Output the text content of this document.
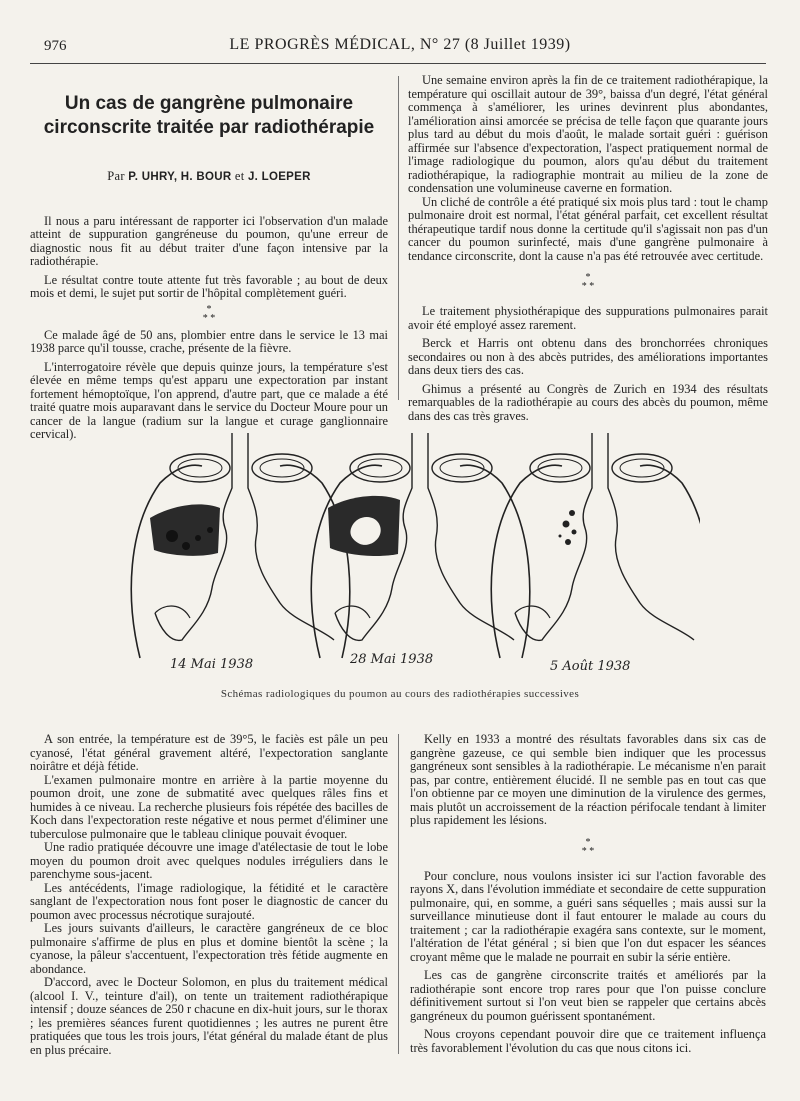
976	LE PROGRÈS MÉDICAL, N° 27 (8 Juillet 1939)

Un cas de gangrène pulmonaire

circonscrite traitée par radiothérapie

Par P. UHRY, H. BOUR et J. LOEPER

Il nous a paru intéressant de rapporter ici l'observation d'un malade atteint de suppuration gangréneuse du poumon, qu'une erreur de diagnostic nous fit au début traiter d'une façon intensive par la radiothérapie.

Le résultat contre toute attente fut très favorable ; au bout de deux mois et demi, le sujet put sortir de l'hôpital complètement guéri.

*
* *

Ce malade âgé de 50 ans, plombier entre dans le service le 13 mai 1938 parce qu'il tousse, crache, présente de la fièvre.

L'interrogatoire révèle que depuis quinze jours, la température s'est élevée en même temps qu'est apparu une expectoration par instant fortement hémoptoïque, l'on apprend, d'autre part, que ce malade a été traité quatre mois auparavant dans le service du Docteur Moure pour un cancer de la langue (radium sur la langue et curage ganglionnaire cervical).

Une semaine environ après la fin de ce traitement radiothérapique, la température qui oscillait autour de 39°, baissa d'un degré, l'état général commença à s'améliorer, les urines devinrent plus abondantes, l'amélioration ainsi amorcée se précisa de telle façon que quarante jours plus tard au début du mois d'août, le malade sortait guéri : guérison affirmée sur l'absence d'expectoration, l'aspect pratiquement normal de l'image radiologique du poumon, alors qu'au début du traitement radiothérapique, la radiographie montrait au milieu de la zone de condensation une volumineuse caverne en formation.

Un cliché de contrôle a été pratiqué six mois plus tard : tout le champ pulmonaire droit est normal, l'état général parfait, cet excellent résultat thérapeutique tardif nous donne la certitude qu'il s'agissait non pas d'un cancer du poumon surinfecté, mais d'une gangrène pulmonaire à tendance circonscrite, dont la cause n'a pas été retrouvée avec certitude.

*
* *

Le traitement physiothérapique des suppurations pulmonaires parait avoir été employé assez rarement.

Berck et Harris ont obtenu dans des bronchorrées chroniques secondaires ou non à des abcès putrides, des améliorations importantes dans deux tiers des cas.

Ghimus a présenté au Congrès de Zurich en 1934 des résultats remarquables de la radiothérapie au cours des abcès du poumon, même dans des cas très graves.

14 Mai 1938	28 Mai 1938	5 Août 1938
Schémas radiologiques du poumon au cours des radiothérapies successives

A son entrée, la température est de 39°5, le faciès est pâle un peu cyanosé, l'état général gravement altéré, l'expectoration sanglante noirâtre et déjà fétide.

L'examen pulmonaire montre en arrière à la partie moyenne du poumon droit, une zone de submatité avec quelques râles fins et humides à ce niveau. La recherche plusieurs fois répétée des bacilles de Koch dans l'expectoration reste négative et nous permet d'éliminer une tuberculose pulmonaire que le tableau clinique pouvait évoquer.

Une radio pratiquée découvre une image d'atélectasie de tout le lobe moyen du poumon droit avec quelques nodules irréguliers dans le parenchyme sous-jacent.

Les antécédents, l'image radiologique, la fétidité et le caractère sanglant de l'expectoration nous font poser le diagnostic de cancer du poumon avec processus nécrotique surajouté.

Les jours suivants d'ailleurs, le caractère gangréneux de ce bloc pulmonaire s'affirme de plus en plus et domine bientôt la scène ; la cyanose, la pâleur s'accentuent, l'expectoration très fétide augmente en abondance.

D'accord, avec le Docteur Solomon, en plus du traitement médical (alcool I. V., teinture d'ail), on tente un traitement radiothérapique intensif ; douze séances de 250 r chacune en dix-huit jours, sur le thorax ; les premières séances furent quotidiennes ; les autres ne purent être pratiquées que tous les trois jours, l'état général du malade étant de plus en plus précaire.

Kelly en 1933 a montré des résultats favorables dans six cas de gangrène gazeuse, ce qui semble bien indiquer que les processus gangréneux sont sensibles à la radiothérapie. Le mécanisme n'en parait pas, par contre, entièrement élucidé. Il ne semble pas en tout cas que l'on obtienne par ce moyen une diminution de la virulence des germes, mais plutôt un accroissement de la réaction périfocale tendant à limiter plus rapidement les lésions.

*
* *

Pour conclure, nous voulons insister ici sur l'action favorable des rayons X, dans l'évolution immédiate et secondaire de cette suppuration pulmonaire, qui, en somme, a guéri sans séquelles ; mais aussi sur la surveillance minutieuse dont il faut entourer le malade au cours du traitement ; car la radiothérapie exagéra sans contexte, sur le moment, l'altération de l'état général ; si bien que l'on dut espacer les séances croyant même que le malade ne pourrait en subir la série entière.

Les cas de gangrène circonscrite traités et améliorés par la radiothérapie sont encore trop rares pour que l'on puisse conclure définitivement surtout si l'on veut bien se rappeler que certains abcès gangréneux du poumon guérissent spontanément.

Nous croyons cependant pouvoir dire que ce traitement influença très favorablement l'évolution du cas que nous citons ici.
